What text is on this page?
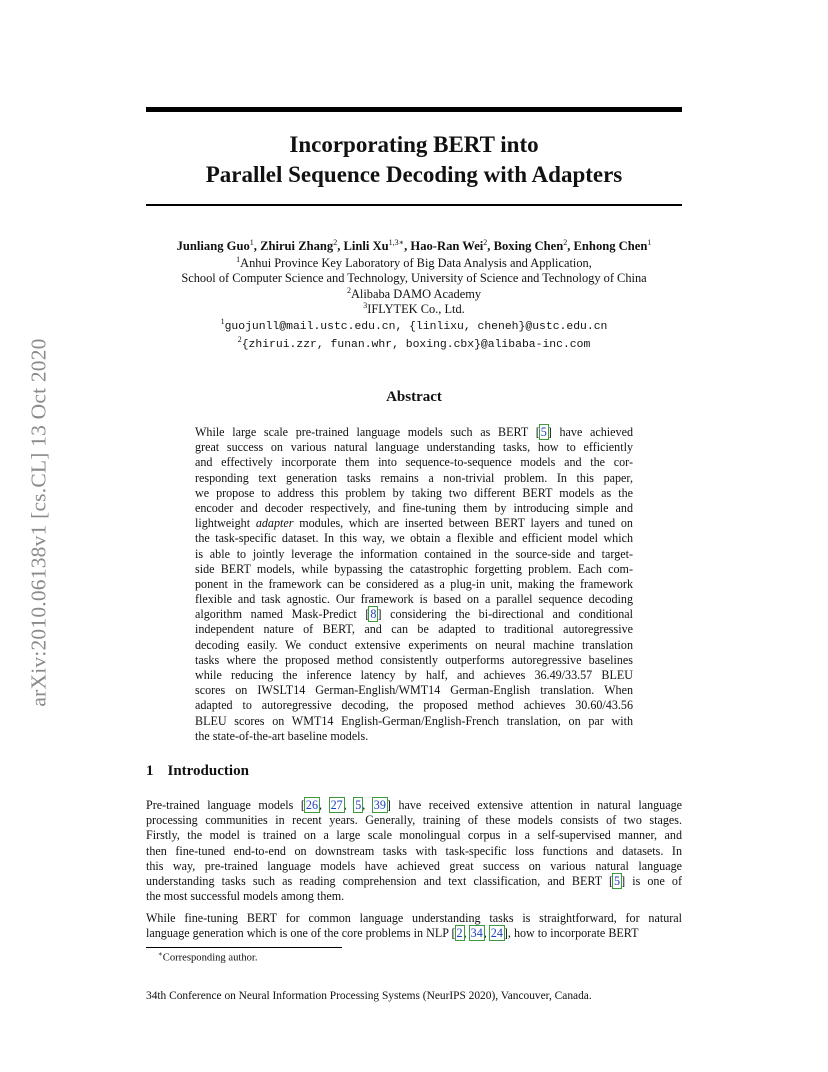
Incorporating BERT into
Parallel Sequence Decoding with Adapters
arXiv:2010.06138v1 [cs.CL] 13 Oct 2020
Junliang Guo$^1$, Zhirui Zhang$^2$, Linli $Xu^{1,3∗}$, Hao-Ran Wei$^2$, Boxing Chen$^2$, Enhong Chen$^1$
$^1$Anhui Province Key Laboratory of Big Data Analysis and Application,
School of Computer Science and Technology, University of Science and Technology of China
$^2$Alibaba DAMO Academy
$^3$IFLYTEK Co., Ltd.
$^1$guojunll@mail.ustc.edu.cn, {linlixu, cheneh}@ustc.edu.cn
$^2${zhirui.zzr, funan.whr, boxing.cbx}@alibaba-inc.com
Abstract
While large scale pre-trained language models such as BERT [5] have achieved
great success on various natural language understanding tasks, how to efficiently
and effectively incorporate them into sequence-to-sequence models and the cor-
responding text generation tasks remains a non-trivial problem. In this paper,
we propose to address this problem by taking two different BERT models as the
encoder and decoder respectively, and fine-tuning them by introducing simple and
lightweight adapter modules, which are inserted between BERT layers and tuned on
the task-specific dataset. In this way, we obtain a flexible and efficient model which
is able to jointly leverage the information contained in the source-side and target-
side BERT models, while bypassing the catastrophic forgetting problem. Each com-
ponent in the framework can be considered as a plug-in unit, making the framework
flexible and task agnostic. Our framework is based on a parallel sequence decoding
algorithm named Mask-Predict [8] considering the bi-directional and conditional
independent nature of BERT, and can be adapted to traditional autoregressive
decoding easily. We conduct extensive experiments on neural machine translation
tasks where the proposed method consistently outperforms autoregressive baselines
while reducing the inference latency by half, and achieves 36.49/33.57 BLEU
scores on IWSLT14 German-English/WMT14 German-English translation. When
adapted to autoregressive decoding, the proposed method achieves 30.60/43.56
BLEU scores on WMT14 English-German/English-French translation, on par with
the state-of-the-art baseline models.
1 Introduction
Pre-trained language models [26, 27, 5, 39] have received extensive attention in natural language
processing communities in recent years. Generally, training of these models consists of two stages.
Firstly, the model is trained on a large scale monolingual corpus in a self-supervised manner, and
then fine-tuned end-to-end on downstream tasks with task-specific loss functions and datasets. In
this way, pre-trained language models have achieved great success on various natural language
understanding tasks such as reading comprehension and text classification, and BERT [5] is one of
the most successful models among them.
While fine-tuning BERT for common language understanding tasks is straightforward, for natural
language generation which is one of the core problems in NLP [2, 34, 24], how to incorporate BERT

∗Corresponding author.

34th Conference on Neural Information Processing Systems (NeurIPS 2020), Vancouver, Canada.
